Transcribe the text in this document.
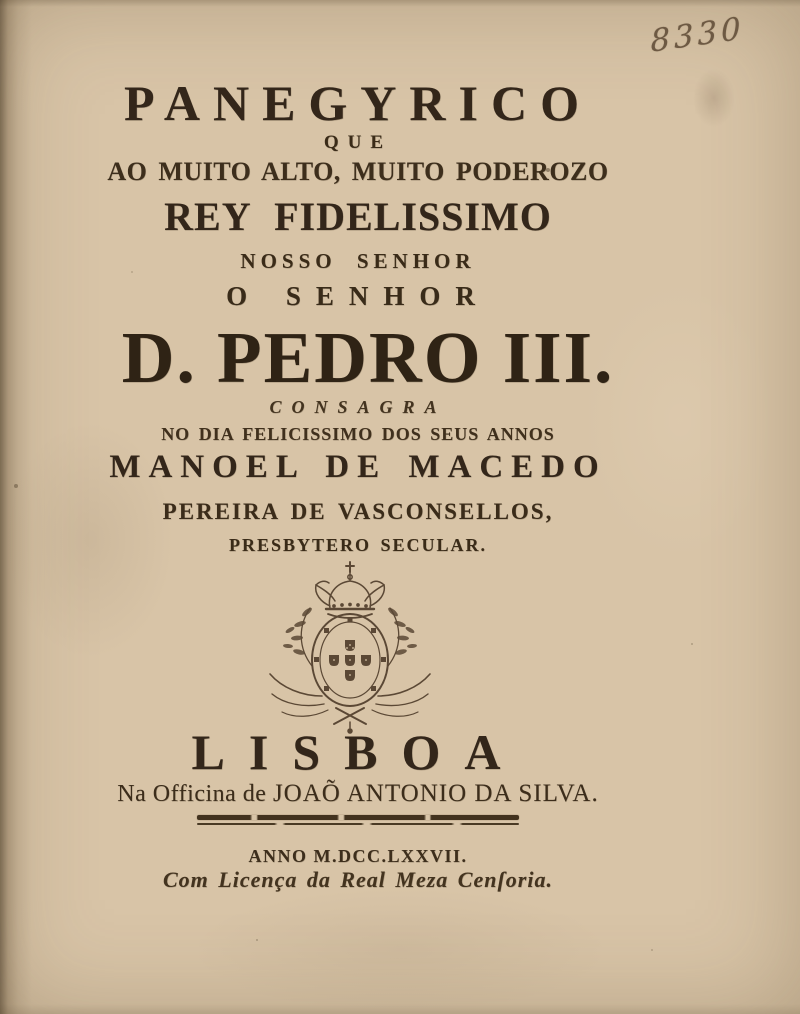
8330
PANEGYRICO
QUE
AO MUITO ALTO, MUITO PODEROZO
REY FIDELISSIMO
NOSSO SENHOR
O SENHOR
D. PEDRO III.
CONSAGRA
NO DIA FELICISSIMO DOS SEUS ANNOS
MANOEL DE MACEDO
PEREIRA DE VASCONSELLOS,
PRESBYTERO SECULAR.
LISBOA
Na Officina de JOAÕ ANTONIO DA SILVA.
ANNO M.DCC.LXXVII.
Com Licença da Real Meza Cenſoria.
